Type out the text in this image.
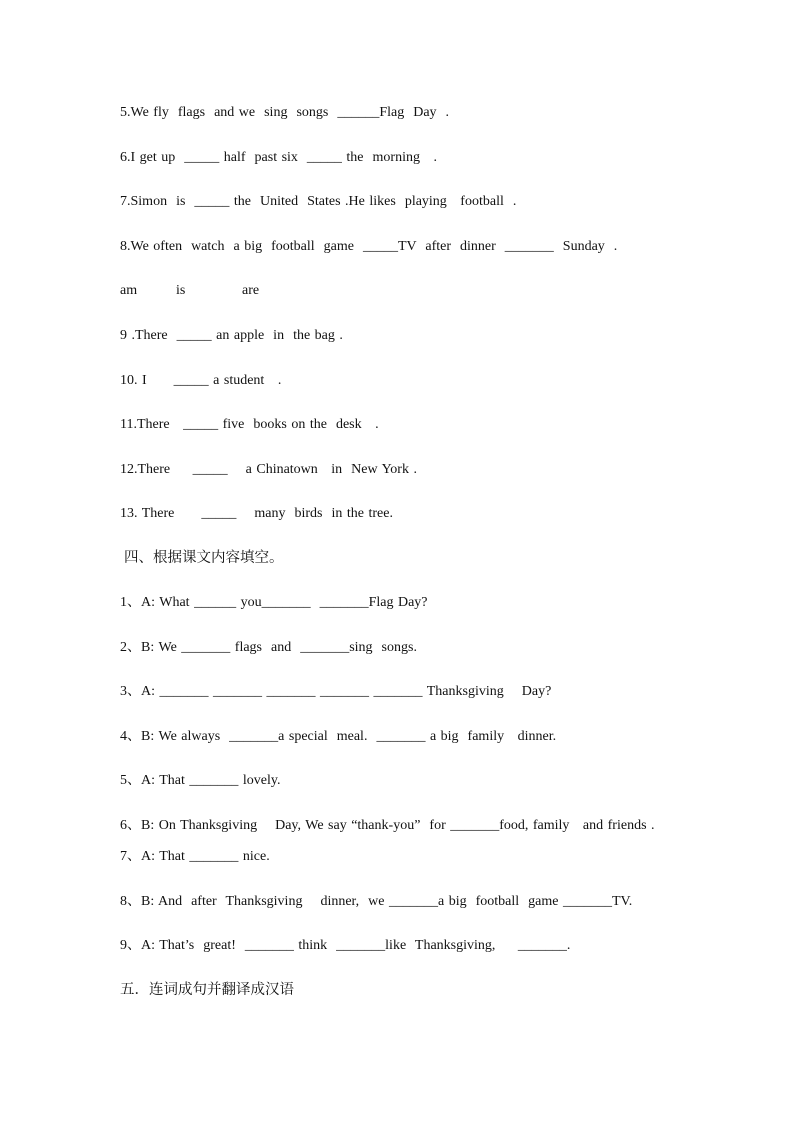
5.We fly  flags  and we  sing  songs  ______Flag  Day  .
6.I get up  _____ half  past six  _____ the  morning   .
7.Simon  is  _____ the  United  States .He likes  playing   football  .
8.We often  watch  a big  football  game  _____TV  after  dinner  _______  Sunday  .
am	is	are
9 .There  _____ an apple  in  the bag .
10. I      _____ a student   .
11.There   _____ five  books on the  desk   .
12.There     _____    a Chinatown   in  New York .
13. There      _____    many  birds  in the tree.
四、根据课文内容填空。
1、A: What ______ you_______  _______Flag Day?
2、B: We _______ flags  and  _______sing  songs.
3、A: _______ _______ _______ _______ _______ Thanksgiving    Day?
4、B: We always  _______a special  meal.  _______ a big  family   dinner.
5、A: That _______ lovely.
6、B: On Thanksgiving    Day, We say “thank-you”  for _______food, family   and friends .
7、A: That _______ nice.
8、B: And  after  Thanksgiving    dinner,  we _______a big  football  game _______TV.
9、A: That’s  great!  _______ think  _______like  Thanksgiving,     _______.
五．连词成句并翻译成汉语
